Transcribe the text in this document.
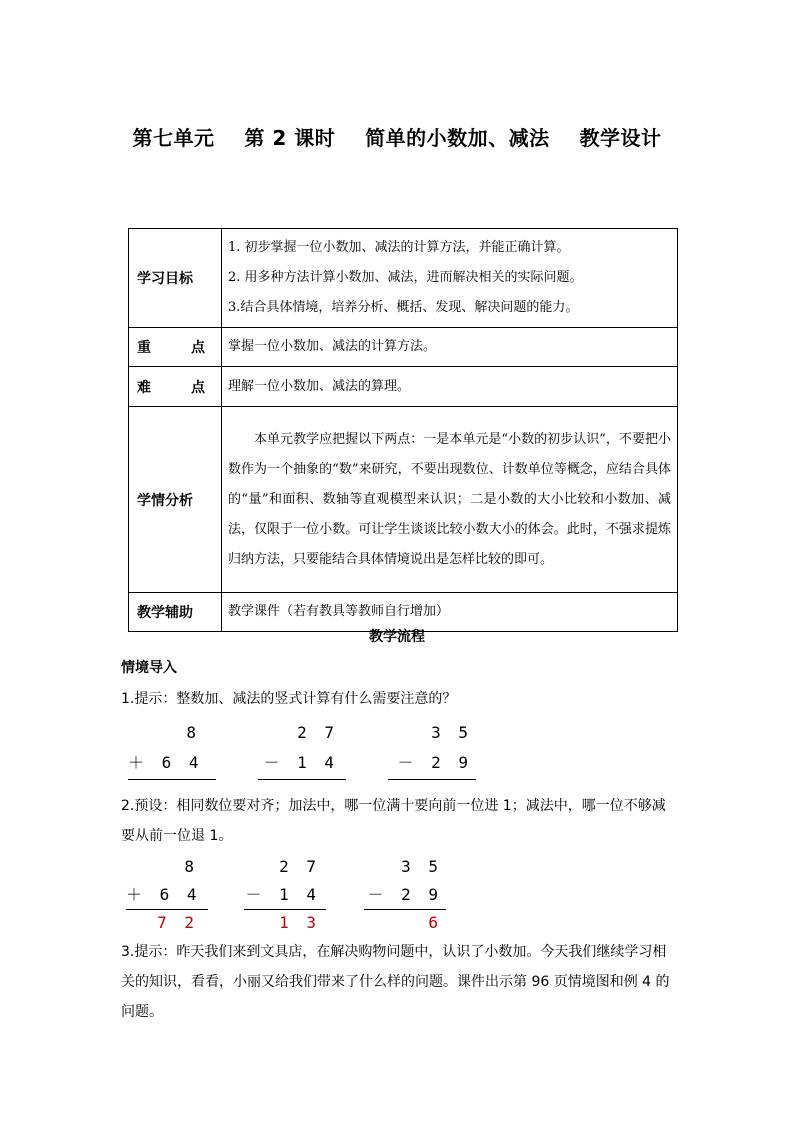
第七单元    第 2 课时    简单的小数加、减法    教学设计
学习目标	1. 初步掌握一位小数加、减法的计算方法，并能正确计算。
2. 用多种方法计算小数加、减法，进而解决相关的实际问题。
3.结合具体情境，培养分析、概括、发现、解决问题的能力。

重 点	掌握一位小数加、减法的计算方法。

难 点	理解一位小数加、减法的算理。
学情分析	本单元教学应把握以下两点：一是本单元是“小数的初步认识”，不要把小数作为一个抽象的“数”来研究，不要出现数位、计数单位等概念，应结合具体的“量”和面积、数轴等直观模型来认识；二是小数的大小比较和小数加、减法，仅限于一位小数。可让学生谈谈比较小数大小的体会。此时，不强求提炼归纳方法，只要能结合具体情境说出是怎样比较的即可。

教学辅助	教学课件（若有教具等教师自行增加）
教学流程
情境导入
1.提示：整数加、减法的竖式计算有什么需要注意的？
8
＋ 6 4
2 7
－ 1 4
3 5
－ 2 9
2.预设：相同数位要对齐；加法中，哪一位满十要向前一位进 1；减法中，哪一位不够减要从前一位退 1。
8
＋ 6 4
7 2
2 7
－ 1 4
1 3
3 5
－ 2 9
6
3.提示：昨天我们来到文具店，在解决购物问题中，认识了小数加。今天我们继续学习相关的知识，看看，小丽又给我们带来了什么样的问题。课件出示第 96 页情境图和例 4 的问题。
